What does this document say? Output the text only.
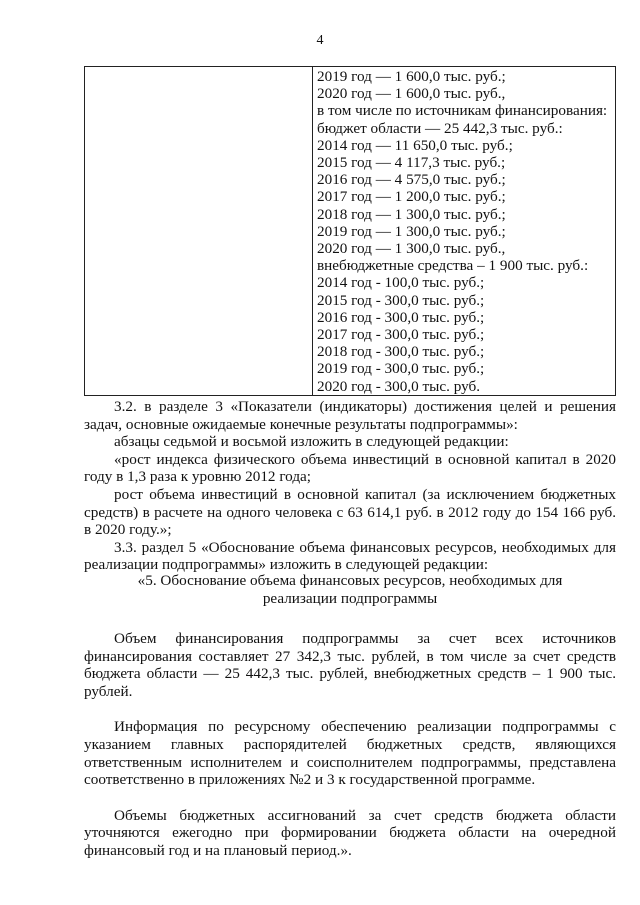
4
2019 год — 1 600,0 тыс. руб.;
2020 год — 1 600,0 тыс. руб.,
в том числе по источникам финансирования:
бюджет области — 25 442,3 тыс. руб.:
2014 год — 11 650,0 тыс. руб.;
2015 год — 4 117,3 тыс. руб.;
2016 год — 4 575,0 тыс. руб.;
2017 год — 1 200,0 тыс. руб.;
2018 год — 1 300,0 тыс. руб.;
2019 год — 1 300,0 тыс. руб.;
2020 год — 1 300,0 тыс. руб.,
внебюджетные средства – 1 900 тыс. руб.:
2014 год - 100,0 тыс. руб.;
2015 год - 300,0 тыс. руб.;
2016 год - 300,0 тыс. руб.;
2017 год - 300,0 тыс. руб.;
2018 год - 300,0 тыс. руб.;
2019 год - 300,0 тыс. руб.;
2020 год - 300,0 тыс. руб.

3.2. в разделе 3 «Показатели (индикаторы) достижения целей и решения задач, основные ожидаемые конечные результаты подпрограммы»:

абзацы седьмой и восьмой изложить в следующей редакции:

«рост индекса физического объема инвестиций в основной капитал в 2020 году в 1,3 раза к уровню 2012 года;

рост объема инвестиций в основной капитал (за исключением бюджетных средств) в расчете на одного человека с 63 614,1 руб. в 2012 году до 154 166 руб. в 2020 году.»;

3.3. раздел 5 «Обоснование объема финансовых ресурсов, необходимых для реализации подпрограммы» изложить в следующей редакции:

«5. Обоснование объема финансовых ресурсов, необходимых для

реализации подпрограммы

Объем финансирования подпрограммы за счет всех источников финансирования составляет 27 342,3 тыс. рублей, в том числе за счет средств бюджета области — 25 442,3 тыс. рублей, внебюджетных средств – 1 900 тыс. рублей.

Информация по ресурсному обеспечению реализации подпрограммы с указанием главных распорядителей бюджетных средств, являющихся ответственным исполнителем и соисполнителем подпрограммы, представлена соответственно в приложениях №2 и 3 к государственной программе.

Объемы бюджетных ассигнований за счет средств бюджета области уточняются ежегодно при формировании бюджета области на очередной финансовый год и на плановый период.».
